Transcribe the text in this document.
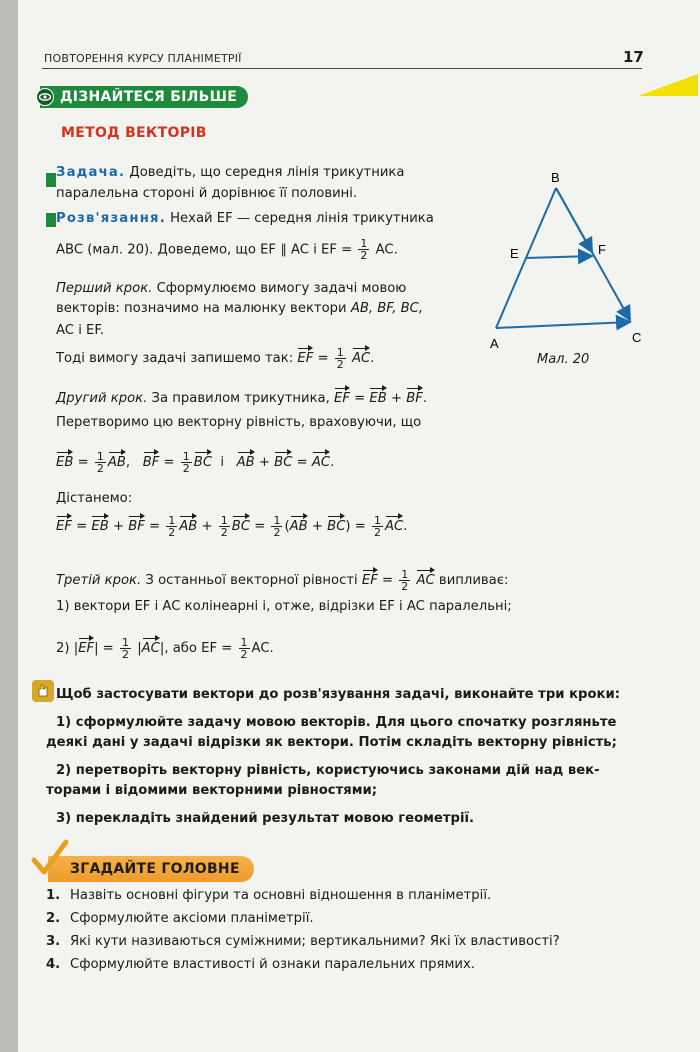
ПОВТОРЕННЯ КУРСУ ПЛАНІМЕТРІЇ	17
ДІЗНАЙТЕСЯ БІЛЬШЕ
МЕТОД ВЕКТОРІВ
Задача. Доведіть, що середня лінія трикутника
паралельна стороні й дорівнює її половині.
Розв'язання. Нехай EF — середня лінія трикутника
ABC (мал. 20). Доведемо, що EF ∥ AC і EF = $\frac{1}{2}$ AC.
Перший крок. Сформулюємо вимогу задачі мовою
векторів: позначимо на малюнку вектори AB, BF, BC,
AC і EF.
Тоді вимогу задачі запишемо так: EF = $\frac{1}{2}$ AC.
Другий крок. За правилом трикутника, EF = EB + BF.
Перетворимо цю векторну рівність, враховуючи, що
EB = $\frac{1}{2}$ AB,   BF = $\frac{1}{2}$ BC  і   AB + BC = AC.
Дістанемо:
EF = EB + BF = $\frac{1}{2}$ AB + $\frac{1}{2}$ BC = $\frac{1}{2} (AB + BC) = \frac{1}{2}$ AC.
Третій крок. З останньої векторної рівності EF = $\frac{1}{2}$ AC випливає:
1) вектори EF і AC колінеарні і, отже, відрізки EF і AC паралельні;
2) $|EF| = \frac{1}{2} |AC|$, або EF = $\frac{1}{2}$ AC.
B
E	F
A	C
Мал. 20
Щоб застосувати вектори до розв'язування задачі, виконайте три кроки:
1) сформулюйте задачу мовою векторів. Для цього спочатку розгляньте
деякі дані у задачі відрізки як вектори. Потім складіть векторну рівність;
2) перетворіть векторну рівність, користуючись законами дій над век-
торами і відомими векторними рівностями;
3) перекладіть знайдений результат мовою геометрії.
ЗГАДАЙТЕ ГОЛОВНЕ
1. Назвіть основні фігури та основні відношення в планіметрії.
2. Сформулюйте аксіоми планіметрії.
3. Які кути називаються суміжними; вертикальними? Які їх властивості?
4. Сформулюйте властивості й ознаки паралельних прямих.
